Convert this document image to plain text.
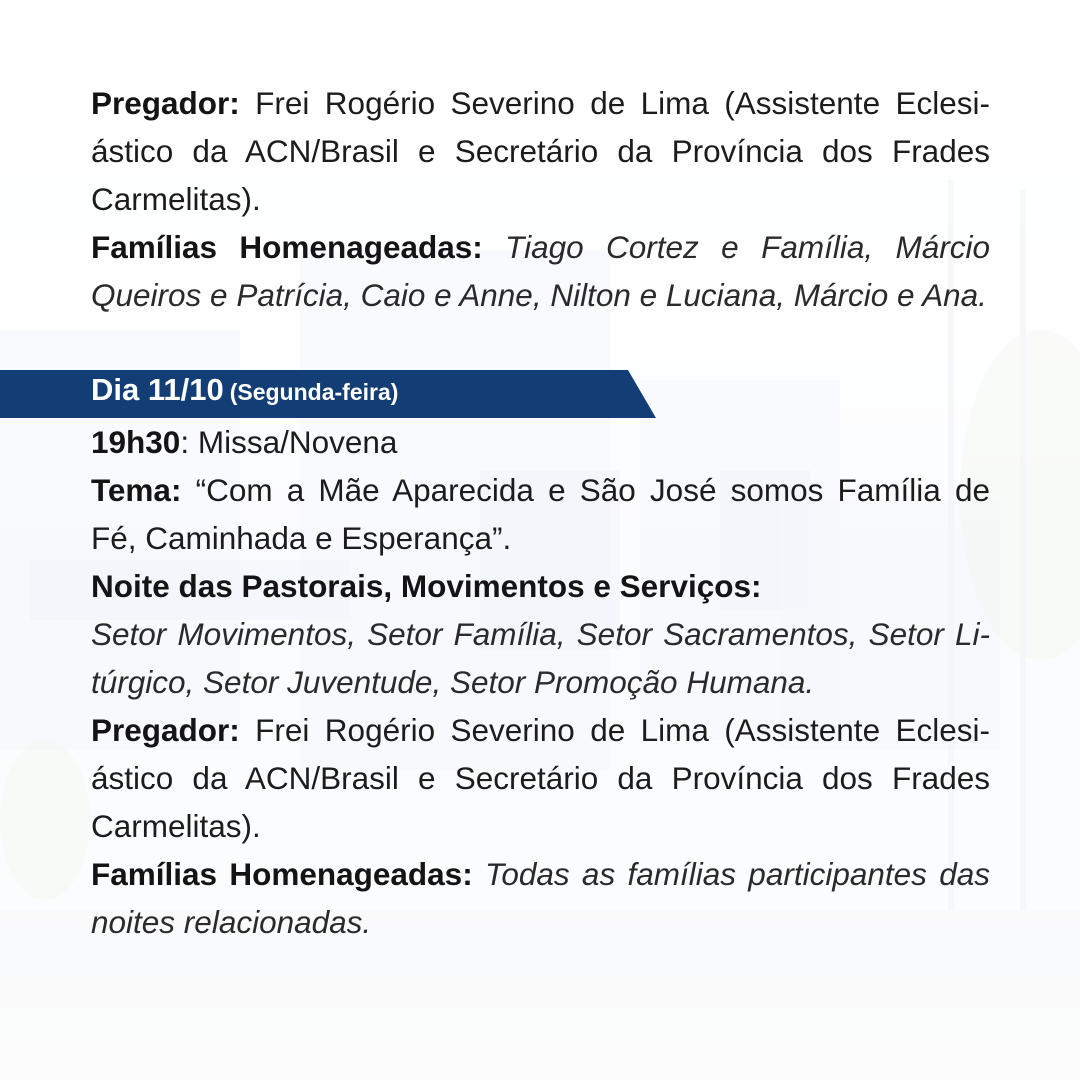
Pregador: Frei Rogério Severino de Lima (Assistente Eclesiástico da ACN/Brasil e Secretário da Província dos Frades Carmelitas).

Famílias Homenageadas: Tiago Cortez e Família, Márcio Queiros e Patrícia, Caio e Anne, Nilton e Luciana, Márcio e Ana.

Dia 11/10 (Segunda-feira)

19h30: Missa/Novena

Tema: “Com a Mãe Aparecida e São José somos Família de Fé, Caminhada e Esperança”.

Noite das Pastorais, Movimentos e Serviços:

Setor Movimentos, Setor Família, Setor Sacramentos, Setor Litúrgico, Setor Juventude, Setor Promoção Humana.

Pregador: Frei Rogério Severino de Lima (Assistente Eclesiástico da ACN/Brasil e Secretário da Província dos Frades Carmelitas).

Famílias Homenageadas: Todas as famílias participantes das noites relacionadas.
